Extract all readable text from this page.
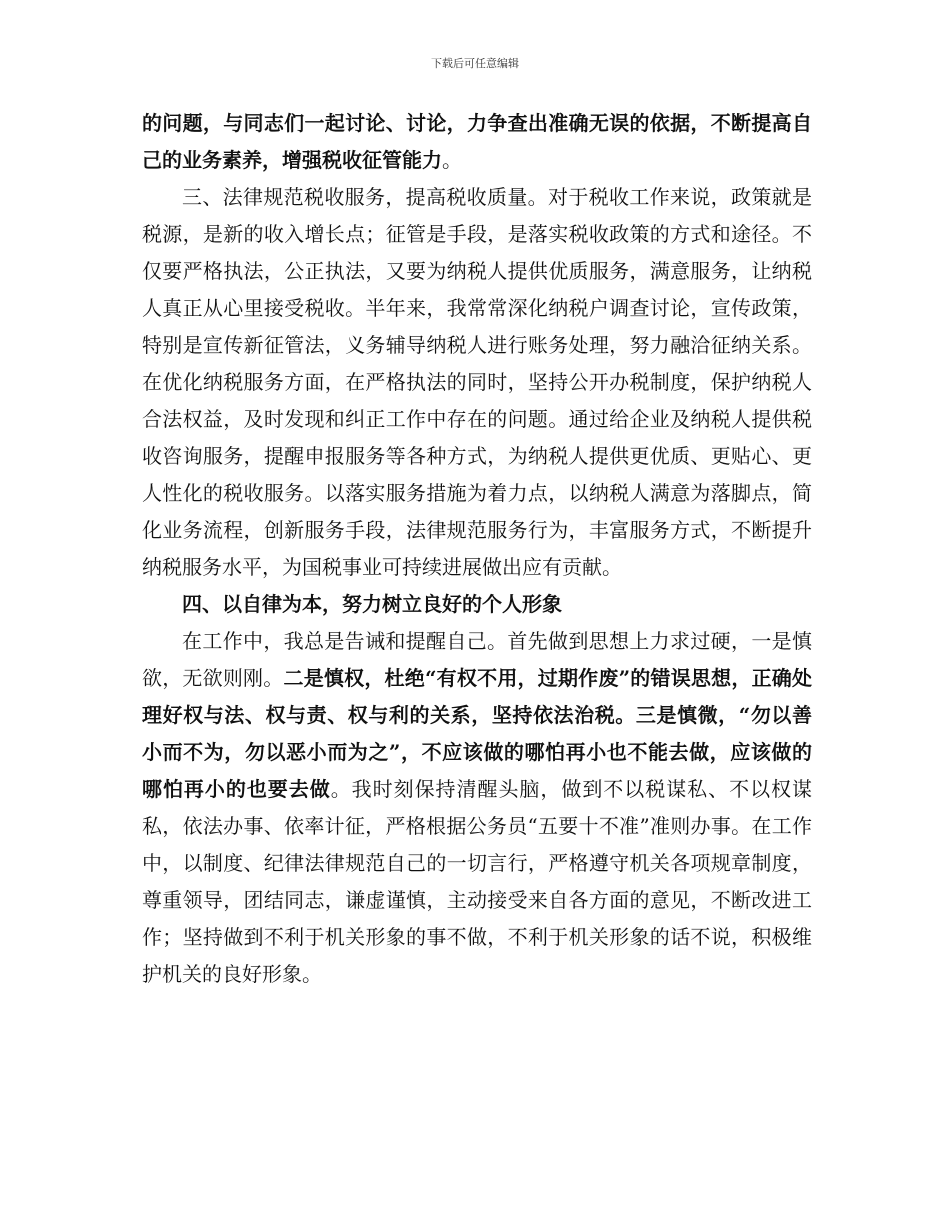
下载后可任意编辑

的问题，与同志们一起讨论、讨论，力争查出准确无误的依据，不断提高自己的业务素养，增强税收征管能力。

三、法律规范税收服务，提高税收质量。对于税收工作来说，政策就是税源，是新的收入增长点；征管是手段，是落实税收政策的方式和途径。不仅要严格执法，公正执法，又要为纳税人提供优质服务，满意服务，让纳税人真正从心里接受税收。半年来，我常常深化纳税户调查讨论，宣传政策，特别是宣传新征管法，义务辅导纳税人进行账务处理，努力融洽征纳关系。在优化纳税服务方面，在严格执法的同时，坚持公开办税制度，保护纳税人合法权益，及时发现和纠正工作中存在的问题。通过给企业及纳税人提供税收咨询服务，提醒申报服务等各种方式，为纳税人提供更优质、更贴心、更人性化的税收服务。以落实服务措施为着力点，以纳税人满意为落脚点，简化业务流程，创新服务手段，法律规范服务行为，丰富服务方式，不断提升纳税服务水平，为国税事业可持续进展做出应有贡献。

四、以自律为本，努力树立良好的个人形象

在工作中，我总是告诫和提醒自己。首先做到思想上力求过硬，一是慎欲，无欲则刚。二是慎权，杜绝“有权不用，过期作废”的错误思想，正确处理好权与法、权与责、权与利的关系，坚持依法治税。三是慎微，“勿以善小而不为，勿以恶小而为之”，不应该做的哪怕再小也不能去做，应该做的哪怕再小的也要去做。我时刻保持清醒头脑，做到不以税谋私、不以权谋私，依法办事、依率计征，严格根据公务员“五要十不准”准则办事。在工作中，以制度、纪律法律规范自己的一切言行，严格遵守机关各项规章制度，尊重领导，团结同志，谦虚谨慎，主动接受来自各方面的意见，不断改进工作；坚持做到不利于机关形象的事不做，不利于机关形象的话不说，积极维护机关的良好形象。
